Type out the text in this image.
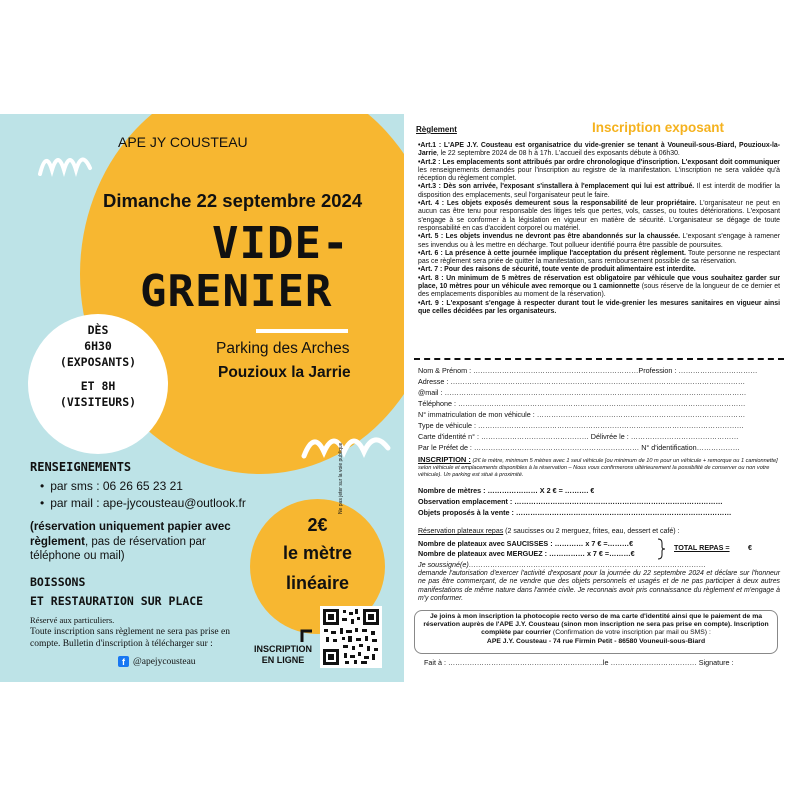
APE JY COUSTEAU
Dimanche 22 septembre 2024
VIDE-
GRENIER
DÈS
6H30
(EXPOSANTS)
ET 8H
(VISITEURS)
Parking des Arches
Pouzioux la Jarrie
RENSEIGNEMENTS
• par sms : 06 26 65 23 21
• par mail : ape-jycousteau@outlook.fr
(réservation uniquement papier avec règlement, pas de réservation par téléphone ou mail)
BOISSONS
ET RESTAURATION SUR PLACE
2€
le mètre
linéaire
Réservé aux particuliers.
Toute inscription sans règlement ne sera pas prise en compte. Bulletin d'inscription à télécharger sur :
f @apejycousteau
INSCRIPTION
EN LIGNE
Ne pas jeter sur la voie publique
Règlement	Inscription exposant
•Art.1 : L'APE J.Y. Cousteau est organisatrice du vide-grenier se tenant à Vouneuil-sous-Biard, Pouzioux-la-Jarrie, le 22 septembre 2024 de 08 h à 17h. L'accueil des exposants débute à 06h30.
•Art.2 : Les emplacements sont attribués par ordre chronologique d'inscription. L'exposant doit communiquer les renseignements demandés pour l'inscription au registre de la manifestation. L'inscription ne sera validée qu'à réception du règlement complet.
•Art.3 : Dès son arrivée, l'exposant s'installera à l'emplacement qui lui est attribué. Il est interdit de modifier la disposition des emplacements, seul l'organisateur peut le faire.
•Art. 4 : Les objets exposés demeurent sous la responsabilité de leur propriétaire. L'organisateur ne peut en aucun cas être tenu pour responsable des litiges tels que pertes, vols, casses, ou toutes détériorations. L'exposant s'engage à se conformer à la législation en vigueur en matière de sécurité. L'organisateur se dégage de toute responsabilité en cas d'accident corporel ou matériel.
•Art. 5 : Les objets invendus ne devront pas être abandonnés sur la chaussée. L'exposant s'engage à ramener ses invendus ou à les mettre en décharge. Tout pollueur identifié pourra être passible de poursuites.
•Art. 6 : La présence à cette journée implique l'acceptation du présent règlement. Toute personne ne respectant pas ce règlement sera priée de quitter la manifestation, sans remboursement possible de sa réservation.
•Art. 7 : Pour des raisons de sécurité, toute vente de produit alimentaire est interdite.
•Art. 8 : Un minimum de 5 mètres de réservation est obligatoire par véhicule que vous souhaitez garder sur place, 10 mètres pour un véhicule avec remorque ou 1 camionnette (sous réserve de la longueur de ce dernier et des emplacements disponibles au moment de la réservation).
•Art. 9 : L'exposant s'engage à respecter durant tout le vide-grenier les mesures sanitaires en vigueur ainsi que celles décidées par les organisateurs.
Nom & Prénom : ……………………………………………………………Profession : ……………………………
Adresse : ……………………………………………………………………………………………………………
@mail : ………………………………………………………………………………………………………………
Téléphone : …………………………………………………………………………………………………………
N° immatriculation de mon véhicule : ……………………………………………………………………………
Type de véhicule : …………………………………………………………………………………………………
Carte d'identité n° : ……………………………………… Délivrée le : ………………………………………
Par le Préfet de : …………………………………………………………… N° d'identification………………
INSCRIPTION : (2€ le mètre, minimum 5 mètres avec 1 seul véhicule [ou minimum de 10 m pour un véhicule + remorque ou 1 camionnette] selon véhicule et emplacements disponibles à la réservation – Nous vous confirmerons ultérieurement la possibilité de conserver ou non votre véhicule). Un parking est situé à proximité.
Nombre de mètres : ………………… X 2 € = ………. €
Observation emplacement : ……………………………………………………………………………
Objets proposés à la vente : ………………………………………………………………………………
Réservation plateaux repas (2 saucisses ou 2 merguez, frites, eau, dessert et café) :
Nombre de plateaux avec SAUCISSES : ………… x 7 € =………€
Nombre de plateaux avec MERGUEZ : …………… x 7 € =………€
TOTAL REPAS =	€
Je soussigné(e)………………………………………………………………………………………
demande l'autorisation d'exercer l'activité d'exposant pour la journée du 22 septembre 2024 et déclare sur l'honneur ne pas être commerçant, de ne vendre que des objets personnels et usagés et de ne pas participer à deux autres manifestations de même nature dans l'année civile. Je reconnais avoir pris connaissance du règlement et m'engage à m'y conformer.
Je joins à mon inscription la photocopie recto verso de ma carte d'identité ainsi que le paiement de ma réservation auprès de l'APE J.Y. Cousteau (sinon mon inscription ne sera pas prise en compte). Inscription complète par courrier (Confirmation de votre inscription par mail ou SMS) :
APE J.Y. Cousteau - 74 rue Firmin Petit - 86580 Vouneuil-sous-Biard
Fait à : ………………………………………………………..le ……………………………… Signature :
